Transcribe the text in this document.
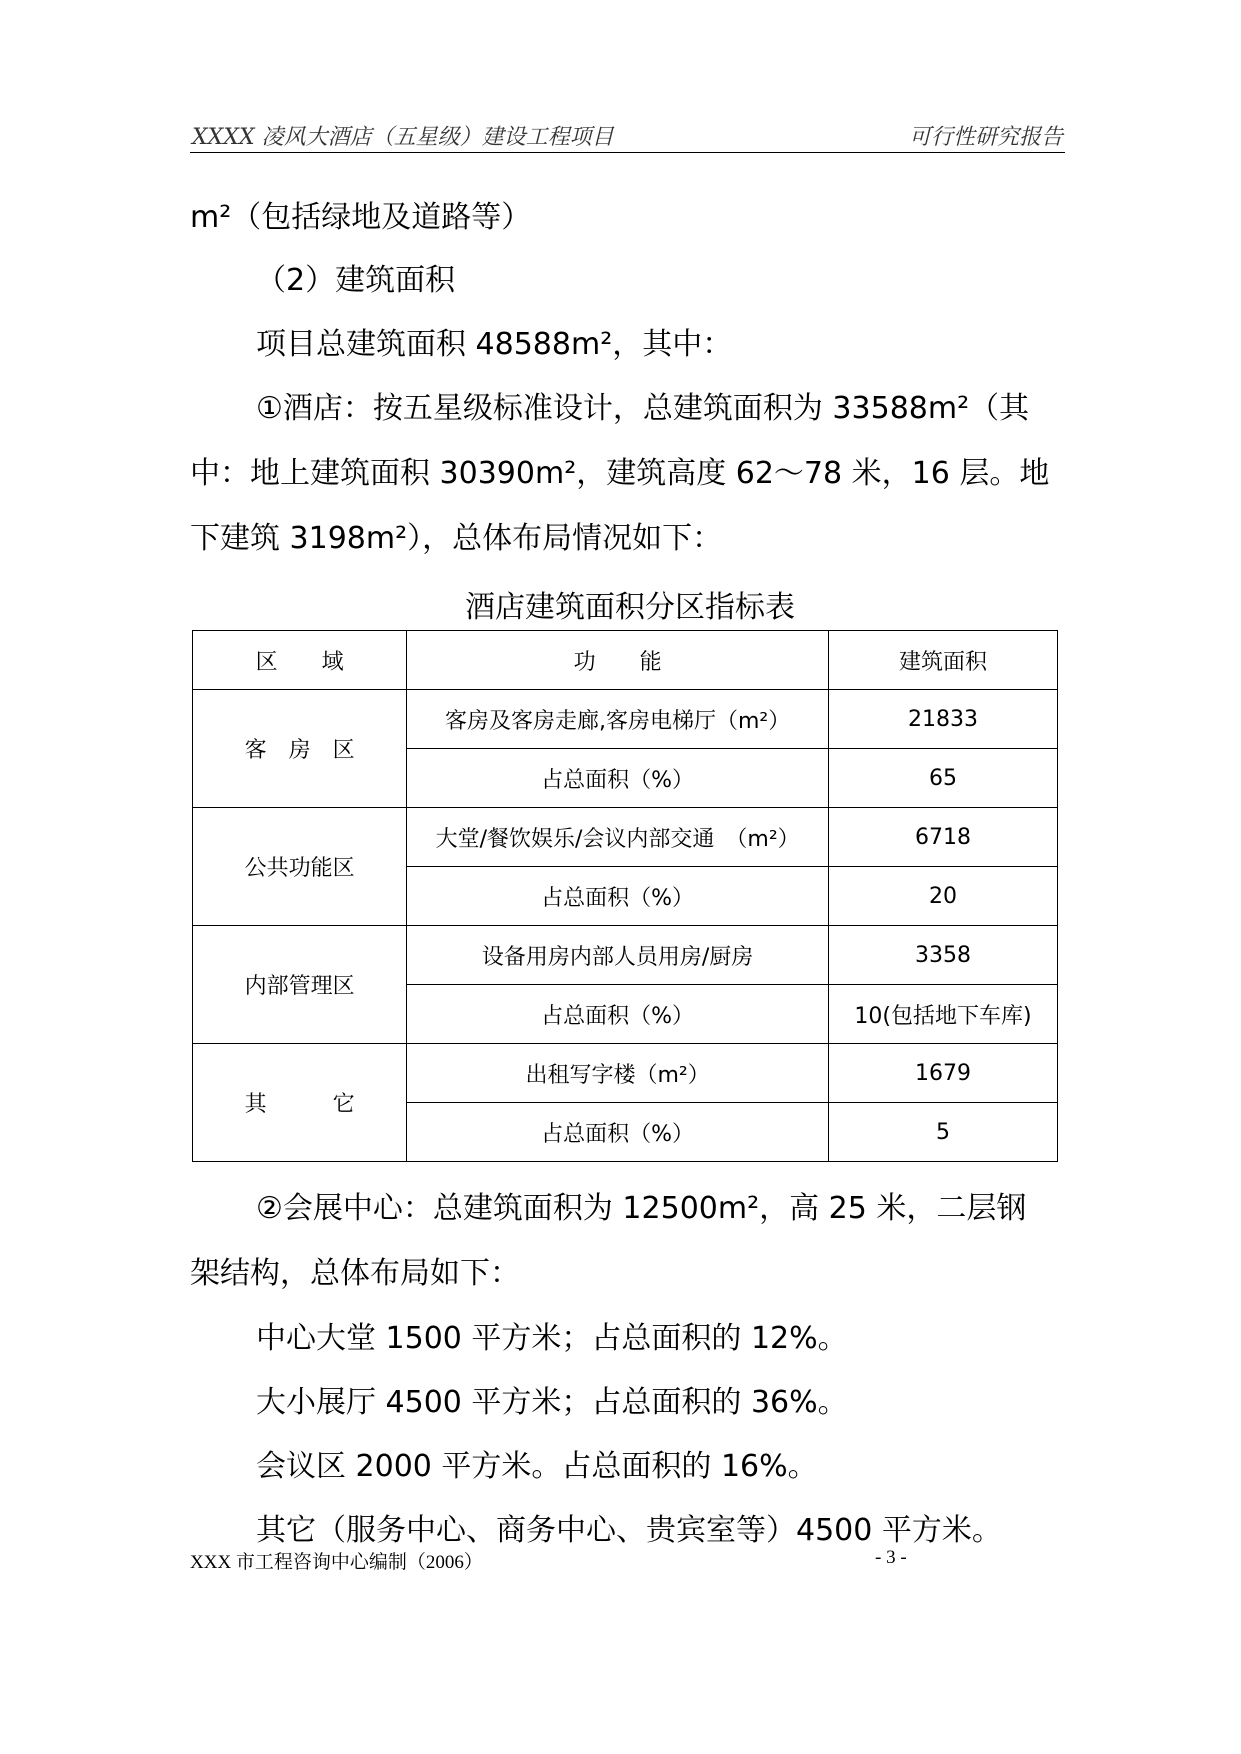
XXXX 凌风大酒店（五星级）建设工程项目	可行性研究报告
m²（包括绿地及道路等）
（2）建筑面积
项目总建筑面积 48588m²，其中：
①酒店：按五星级标准设计，总建筑面积为 33588m²（其
中：地上建筑面积 30390m²，建筑高度 62～78 米，16 层。地
下建筑 3198m²），总体布局情况如下：
酒店建筑面积分区指标表
区　　域	功　　能	建筑面积
客　房　区	客房及客房走廊,客房电梯厅（m²）	21833
	占总面积（%）	65
公共功能区	大堂/餐饮娱乐/会议内部交通　（m²）	6718
	占总面积（%）	20
内部管理区	设备用房内部人员用房/厨房	3358
	占总面积（%）	10(包括地下车库)
其　　　它	出租写字楼（m²）	1679
	占总面积（%）	5
②会展中心：总建筑面积为 12500m²，高 25 米，二层钢
架结构，总体布局如下：
中心大堂 1500 平方米；占总面积的 12%。
大小展厅 4500 平方米；占总面积的 36%。
会议区 2000 平方米。占总面积的 16%。
其它（服务中心、商务中心、贵宾室等）4500 平方米。
XXX 市工程咨询中心编制（2006）	- 3 -
